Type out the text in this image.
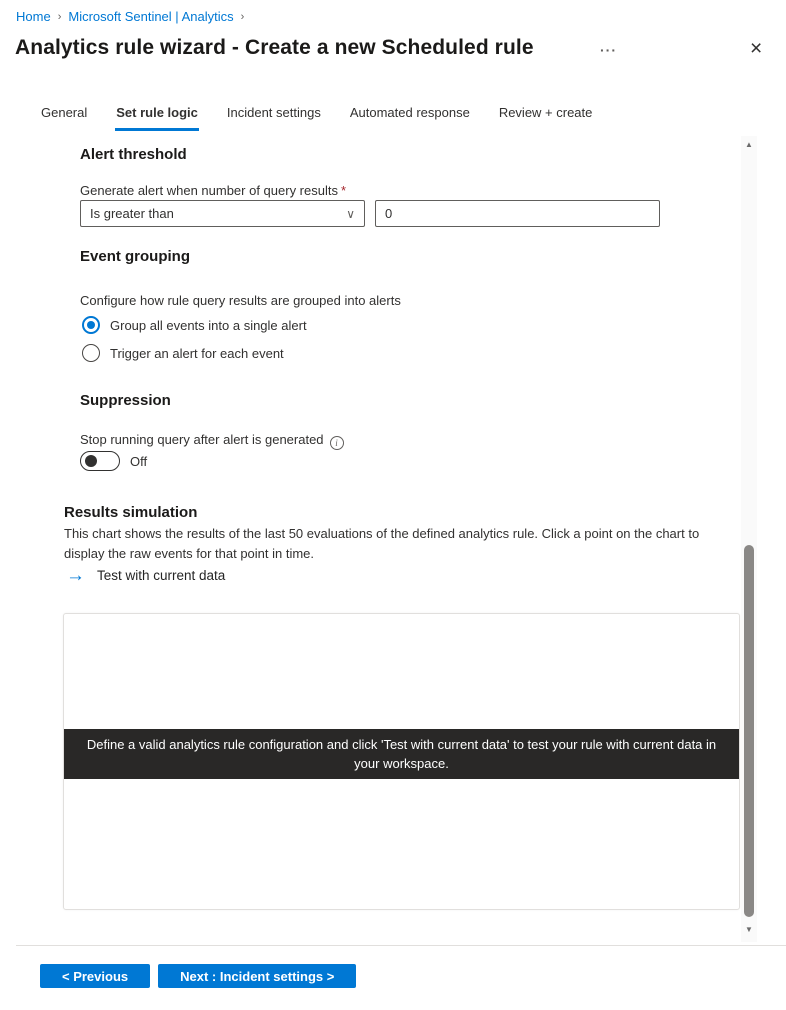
Home › Microsoft Sentinel | Analytics ›
Analytics rule wizard - Create a new Scheduled rule	···	×
General Set rule logic Incident settings Automated response Review + create
Alert threshold
Generate alert when number of query results *
Is greater than	∨
0
Event grouping
Configure how rule query results are grouped into alerts
Group all events into a single alert
Trigger an alert for each event
Suppression
Stop running query after alert is generated i
Off
Results simulation
This chart shows the results of the last 50 evaluations of the defined analytics rule. Click a point on the chart to display the raw events for that point in time.
→ Test with current data
Define a valid analytics rule configuration and click 'Test with current data' to test your rule with current data in your workspace.
▲
▼
< Previous	Next : Incident settings >
